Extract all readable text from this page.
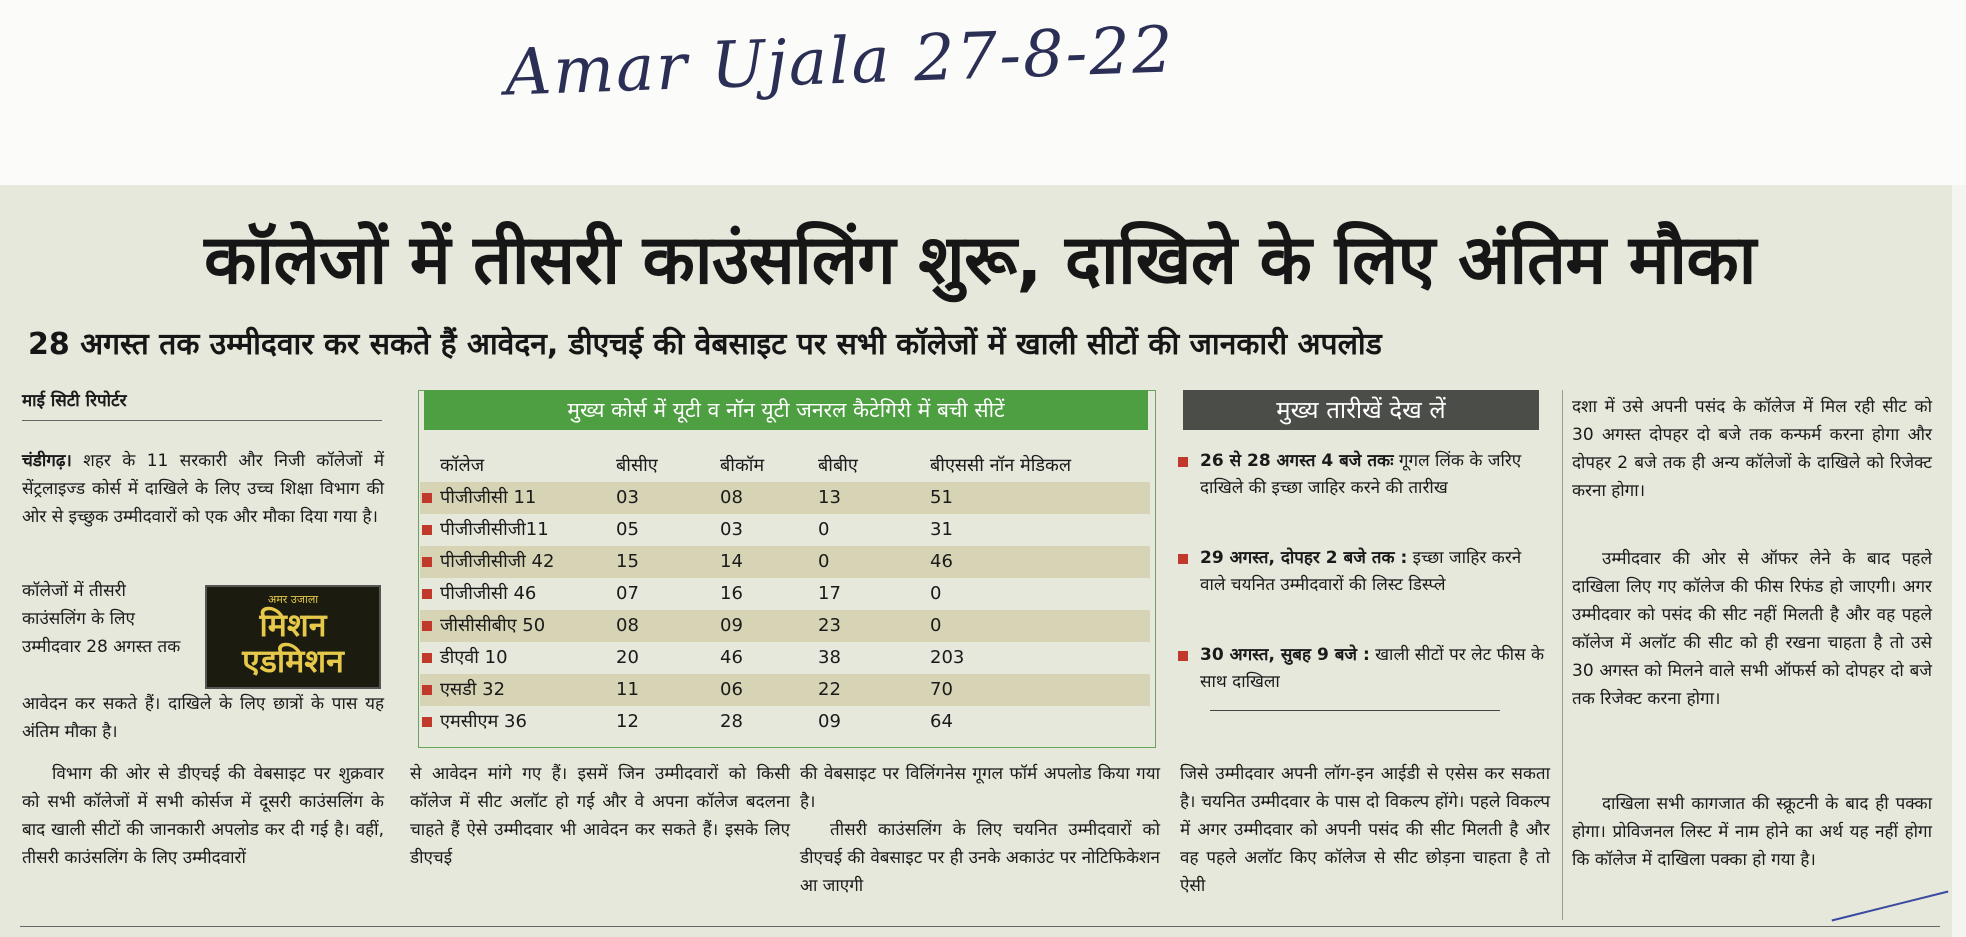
Amar Ujala 27-8-22
कॉलेजों में तीसरी काउंसलिंग शुरू, दाखिले के लिए अंतिम मौका
28 अगस्त तक उम्मीदवार कर सकते हैं आवेदन, डीएचई की वेबसाइट पर सभी कॉलेजों में खाली सीटों की जानकारी अपलोड
माई सिटी रिपोर्टर

चंडीगढ़। शहर के 11 सरकारी और निजी कॉलेजों में सेंट्रलाइज्ड कोर्स में दाखिले के लिए उच्च शिक्षा विभाग की ओर से इच्छुक उम्मीदवारों को एक और मौका दिया गया है।

कॉलेजों में तीसरी काउंसलिंग के लिए उम्मीदवार 28 अगस्त तक

अमर उजाला
मिशन
एडमिशन

आवेदन कर सकते हैं। दाखिले के लिए छात्रों के पास यह अंतिम मौका है।

विभाग की ओर से डीएचई की वेबसाइट पर शुक्रवार को सभी कॉलेजों में सभी कोर्सज में दूसरी काउंसलिंग के बाद खाली सीटों की जानकारी अपलोड कर दी गई है। वहीं, तीसरी काउंसलिंग के लिए उम्मीदवारों

मुख्य कोर्स में यूटी व नॉन यूटी जनरल कैटेगिरी में बची सीटें
कॉलेज	बीसीए	बीकॉम	बीबीए	बीएससी नॉन मेडिकल
पीजीजीसी 11	03	08	13	51
पीजीजीसीजी11	05	03	0	31
पीजीजीसीजी 42	15	14	0	46
पीजीजीसी 46	07	16	17	0
जीसीसीबीए 50	08	09	23	0
डीएवी 10	20	46	38	203
एसडी 32	11	06	22	70
एमसीएम 36	12	28	09	64
मुख्य तारीखें देख लें
26 से 28 अगस्त 4 बजे तकः गूगल लिंक के जरिए दाखिले की इच्छा जाहिर करने की तारीख
29 अगस्त, दोपहर 2 बजे तक : इच्छा जाहिर करने वाले चयनित उम्मीदवारों की लिस्ट डिस्प्ले
30 अगस्त, सुबह 9 बजे : खाली सीटों पर लेट फीस के साथ दाखिला

से आवेदन मांगे गए हैं। इसमें जिन उम्मीदवारों को किसी कॉलेज में सीट अलॉट हो गई और वे अपना कॉलेज बदलना चाहते हैं ऐसे उम्मीदवार भी आवेदन कर सकते हैं। इसके लिए डीएचई

की वेबसाइट पर विलिंगनेस गूगल फॉर्म अपलोड किया गया है।

तीसरी काउंसलिंग के लिए चयनित उम्मीदवारों को डीएचई की वेबसाइट पर ही उनके अकाउंट पर नोटिफिकेशन आ जाएगी

जिसे उम्मीदवार अपनी लॉग-इन आईडी से एसेस कर सकता है। चयनित उम्मीदवार के पास दो विकल्प होंगे। पहले विकल्प में अगर उम्मीदवार को अपनी पसंद की सीट मिलती है और वह पहले अलॉट किए कॉलेज से सीट छोड़ना चाहता है तो ऐसी

दशा में उसे अपनी पसंद के कॉलेज में मिल रही सीट को 30 अगस्त दोपहर दो बजे तक कन्फर्म करना होगा और दोपहर 2 बजे तक ही अन्य कॉलेजों के दाखिले को रिजेक्ट करना होगा।

उम्मीदवार की ओर से ऑफर लेने के बाद पहले दाखिला लिए गए कॉलेज की फीस रिफंड हो जाएगी। अगर उम्मीदवार को पसंद की सीट नहीं मिलती है और वह पहले कॉलेज में अलॉट की सीट को ही रखना चाहता है तो उसे 30 अगस्त को मिलने वाले सभी ऑफर्स को दोपहर दो बजे तक रिजेक्ट करना होगा।

दाखिला सभी कागजात की स्क्रूटनी के बाद ही पक्का होगा। प्रोविजनल लिस्ट में नाम होने का अर्थ यह नहीं होगा कि कॉलेज में दाखिला पक्का हो गया है।
